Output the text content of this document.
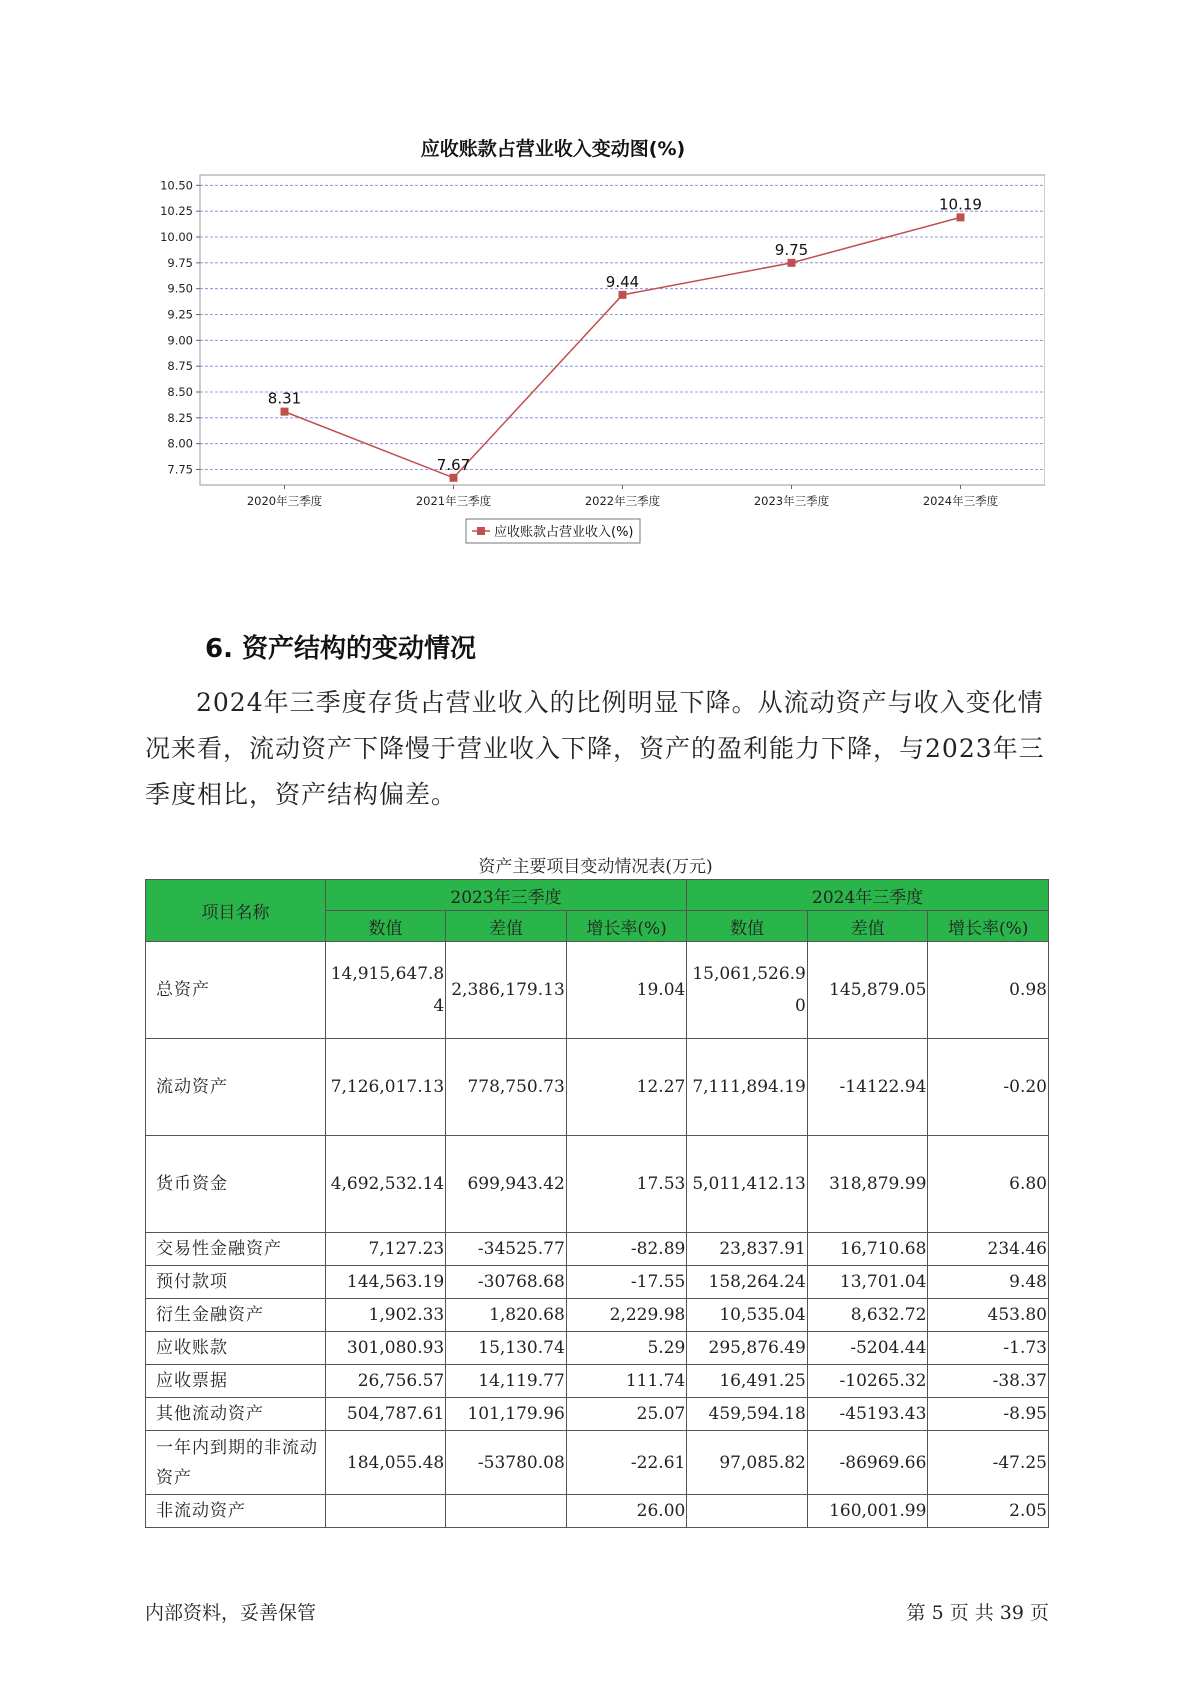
应收账款占营业收入变动图(%)
10.50
10.25
10.00
9.75
9.50
9.25
9.00
8.75
8.50
8.25
8.00
7.75
2020年三季度	2021年三季度	2022年三季度	2023年三季度	2024年三季度
8.31
7.67
9.44
9.75
10.19
应收账款占营业收入(%)
6. 资产结构的变动情况

2024年三季度存货占营业收入的比例明显下降。从流动资产与收入变化情况来看，流动资产下降慢于营业收入下降，资产的盈利能力下降，与2023年三季度相比，资产结构偏差。

资产主要项目变动情况表(万元)
项目名称	2023年三季度			2024年三季度		
	数值	差值	增长率(%)	数值	差值	增长率(%)
总资产	14,915,647.84	2,386,179.13	19.04	15,061,526.90	145,879.05	0.98
流动资产	7,126,017.13	778,750.73	12.27	7,111,894.19	-14122.94	-0.20
货币资金	4,692,532.14	699,943.42	17.53	5,011,412.13	318,879.99	6.80
交易性金融资产	7,127.23	-34525.77	-82.89	23,837.91	16,710.68	234.46
预付款项	144,563.19	-30768.68	-17.55	158,264.24	13,701.04	9.48
衍生金融资产	1,902.33	1,820.68	2,229.98	10,535.04	8,632.72	453.80
应收账款	301,080.93	15,130.74	5.29	295,876.49	-5204.44	-1.73
应收票据	26,756.57	14,119.77	111.74	16,491.25	-10265.32	-38.37
其他流动资产	504,787.61	101,179.96	25.07	459,594.18	-45193.43	-8.95
一年内到期的非流动资产	184,055.48	-53780.08	-22.61	97,085.82	-86969.66	-47.25
非流动资产			26.00		160,001.99	2.05
内部资料，妥善保管	第 5 页 共 39 页
